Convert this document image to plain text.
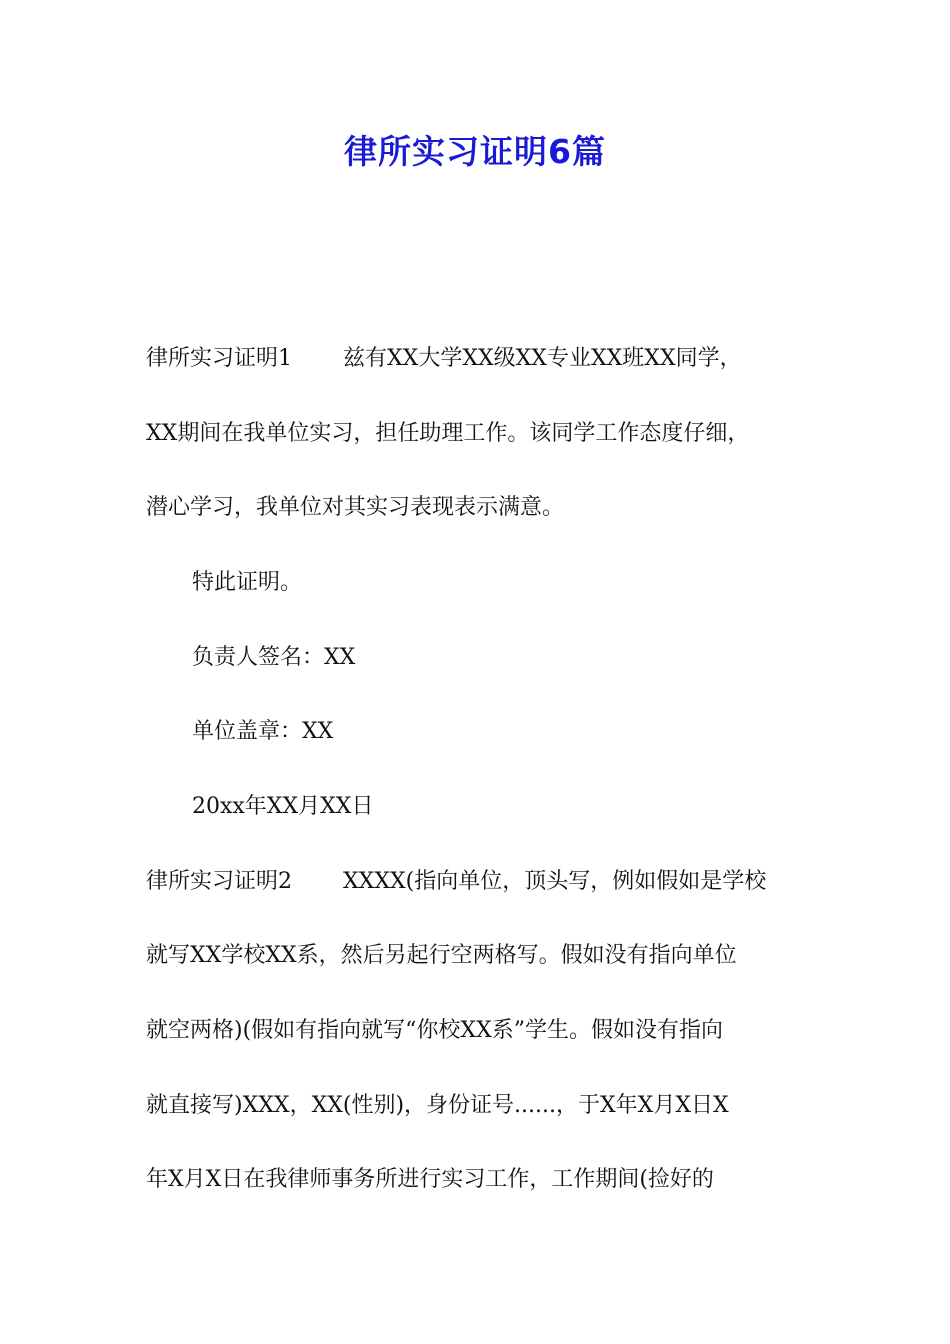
律所实习证明6篇
律所实习证明1　　 兹有XX大学XX级XX专业XX班XX同学，
XX期间在我单位实习，担任助理工作。该同学工作态度仔细，
潜心学习，我单位对其实习表现表示满意。
特此证明。
负责人签名：XX
单位盖章：XX
20xx年XX月XX日
律所实习证明2　　 XXXX(指向单位，顶头写，例如假如是学校
就写XX学校XX系，然后另起行空两格写。假如没有指向单位
就空两格)(假如有指向就写“你校XX系”学生。假如没有指向
就直接写)XXX，XX(性别)，身份证号......，于X年X月X日X
年X月X日在我律师事务所进行实习工作，工作期间(捡好的
